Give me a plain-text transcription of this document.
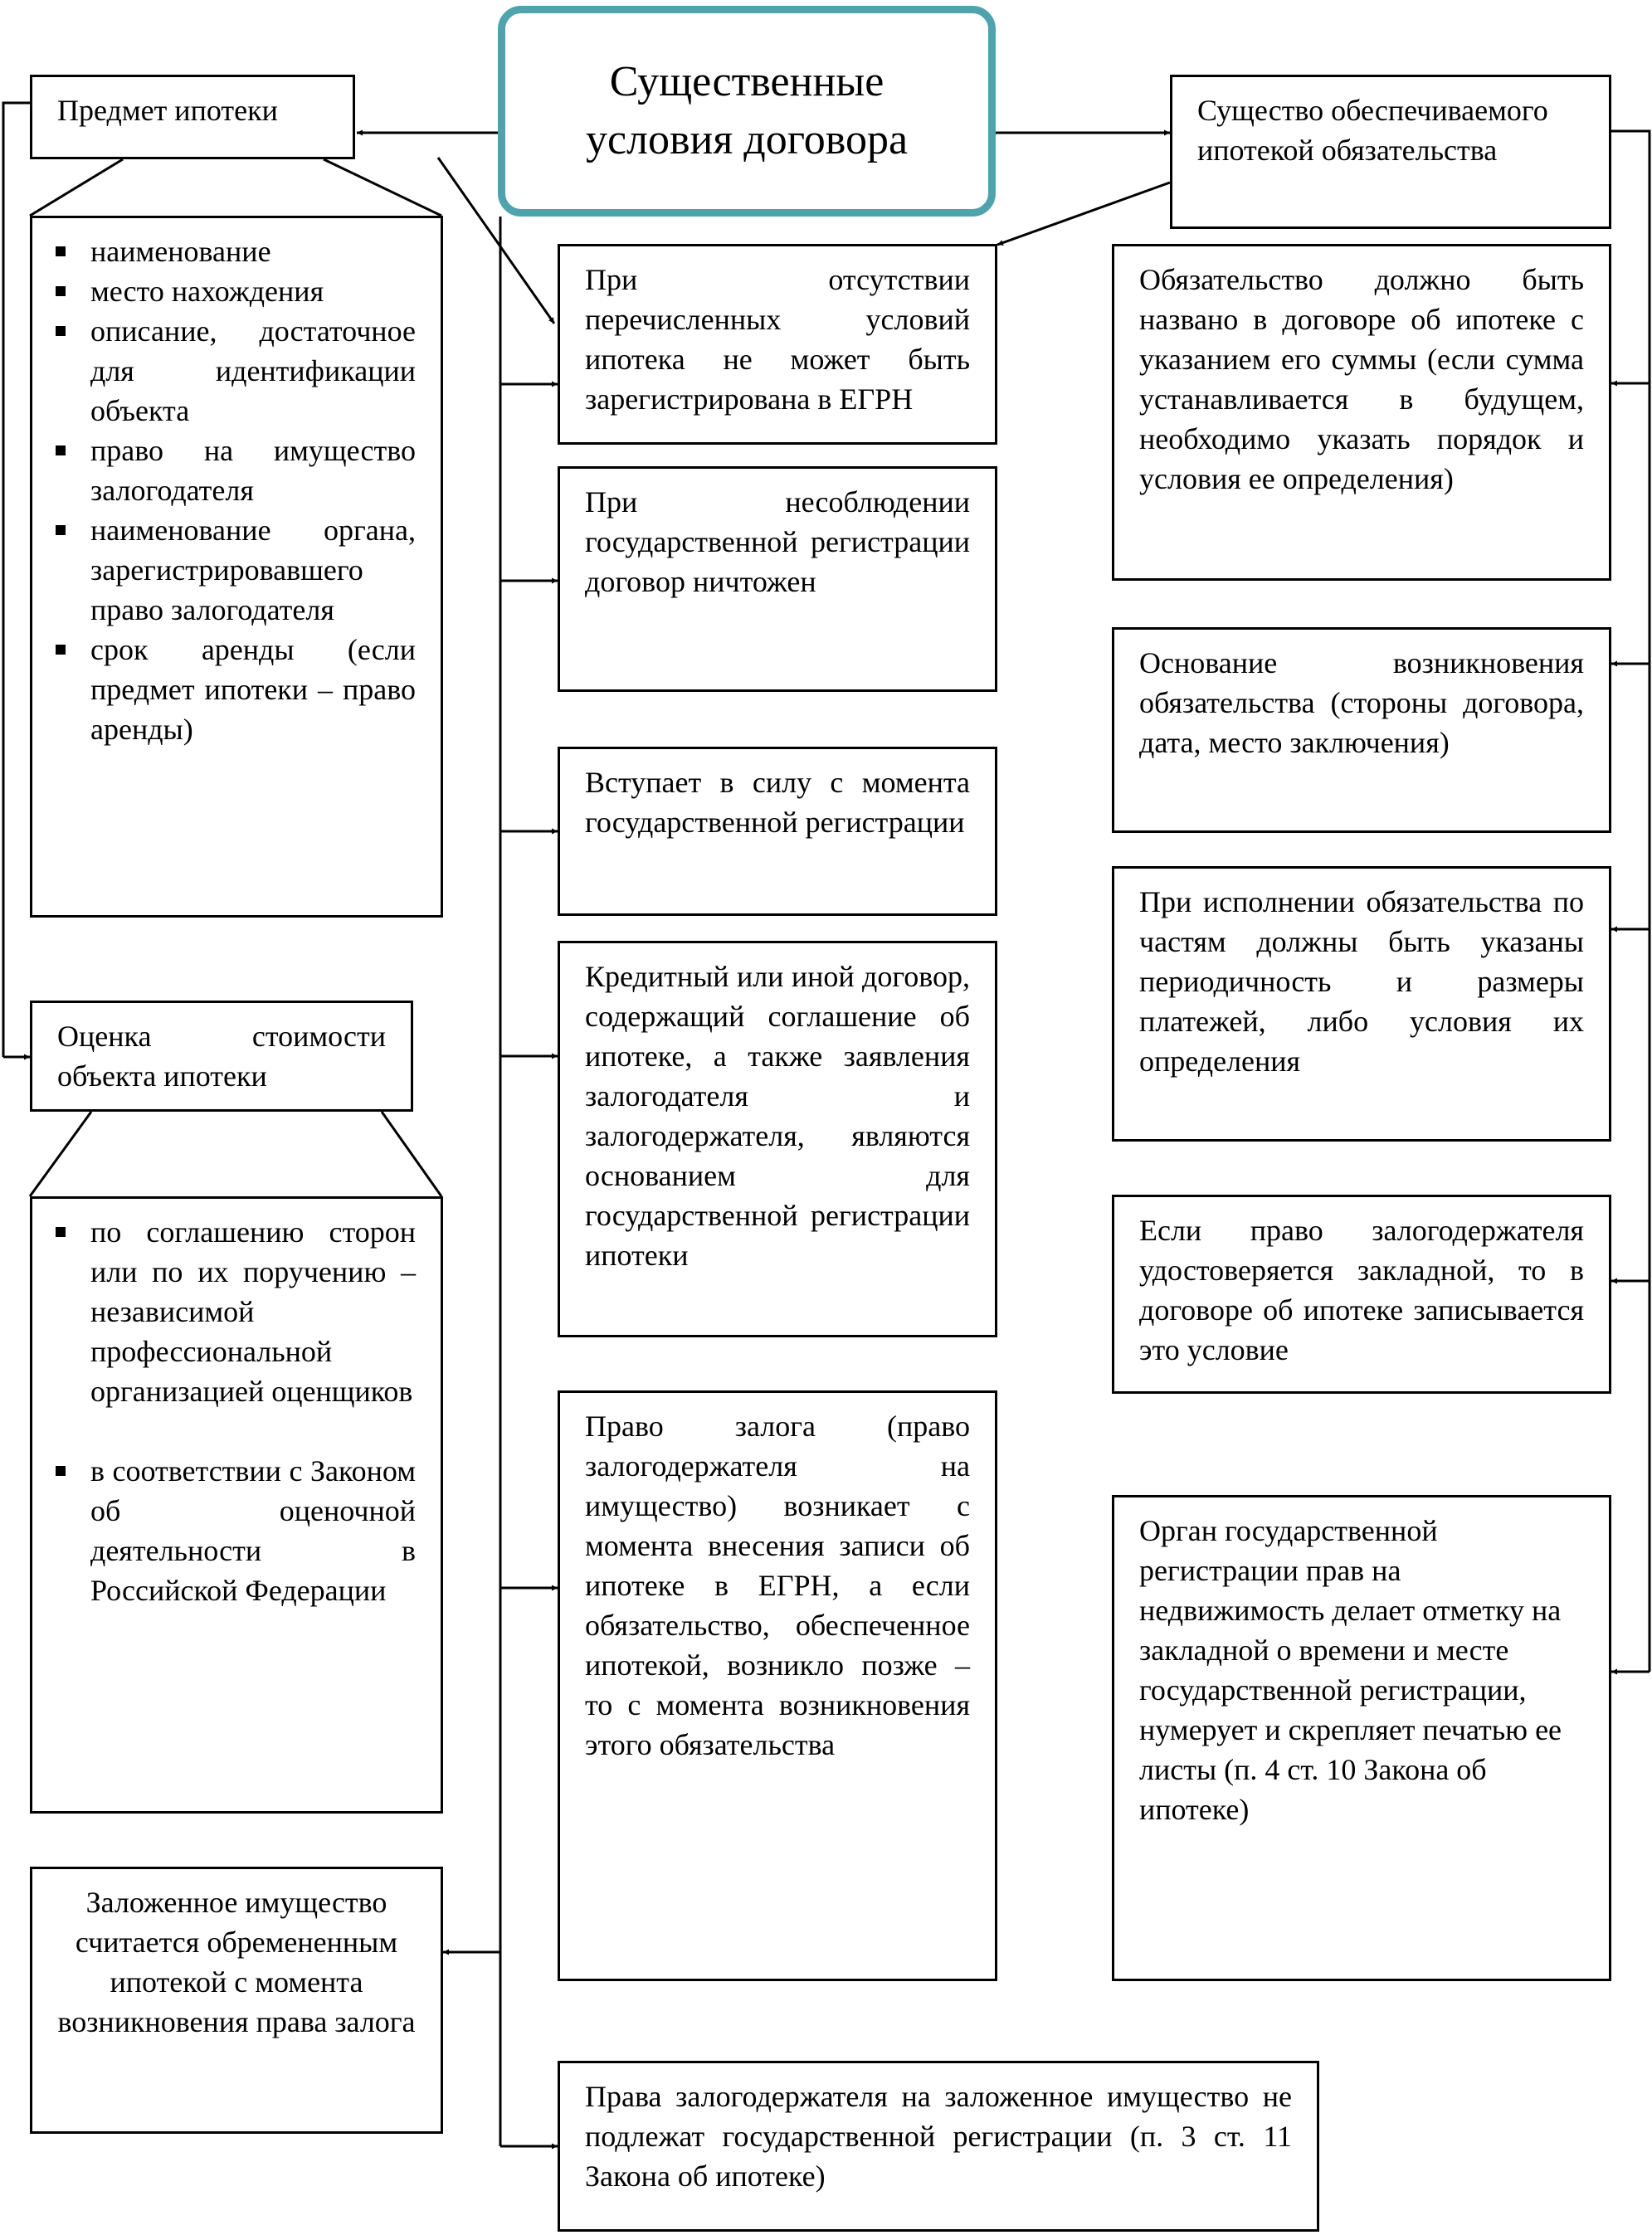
Существенные условия договора
Предмет ипотеки
наименование
место нахождения
описание, достаточное для идентификации объекта
право на имущество залогодателя
наименование органа, зарегистрировавшего право залогодателя
срок аренды (если предмет ипотеки – право аренды)
Оценка стоимости объекта ипотеки
по соглашению сторон или по их поручению – независимой профессиональной организацией оценщиков
в соответствии с Законом об оценочной деятельности в Российской Федерации
Заложенное имущество считается обремененным ипотекой с момента возникновения права залога
При отсутствии перечисленных условий ипотека не может быть зарегистрирована в ЕГРН
При несоблюдении государственной регистрации договор ничтожен
Вступает в силу с момента государственной регистрации
Кредитный или иной договор, содержащий соглашение об ипотеке, а также заявления залогодателя и залогодержателя, являются основанием для государственной регистрации ипотеки
Право залога (право залогодержателя на имущество) возникает с момента внесения записи об ипотеке в ЕГРН, а если обязательство, обеспеченное ипотекой, возникло позже – то с момента возникновения этого обязательства
Права залогодержателя на заложенное имущество не подлежат государственной регистрации (п. 3 ст. 11 Закона об ипотеке)
Существо обеспечиваемого ипотекой обязательства
Обязательство должно быть названо в договоре об ипотеке с указанием его суммы (если сумма устанавливается в будущем, необходимо указать порядок и условия ее определения)
Основание возникновения обязательства (стороны договора, дата, место заключения)
При исполнении обязательства по частям должны быть указаны периодичность и размеры платежей, либо условия их определения
Если право залогодержателя удостоверяется закладной, то в договоре об ипотеке записывается это условие
Орган государственной регистрации прав на недвижимость делает отметку на закладной о времени и месте государственной регистрации, нумерует и скрепляет печатью ее листы (п. 4 ст. 10 Закона об ипотеке)
